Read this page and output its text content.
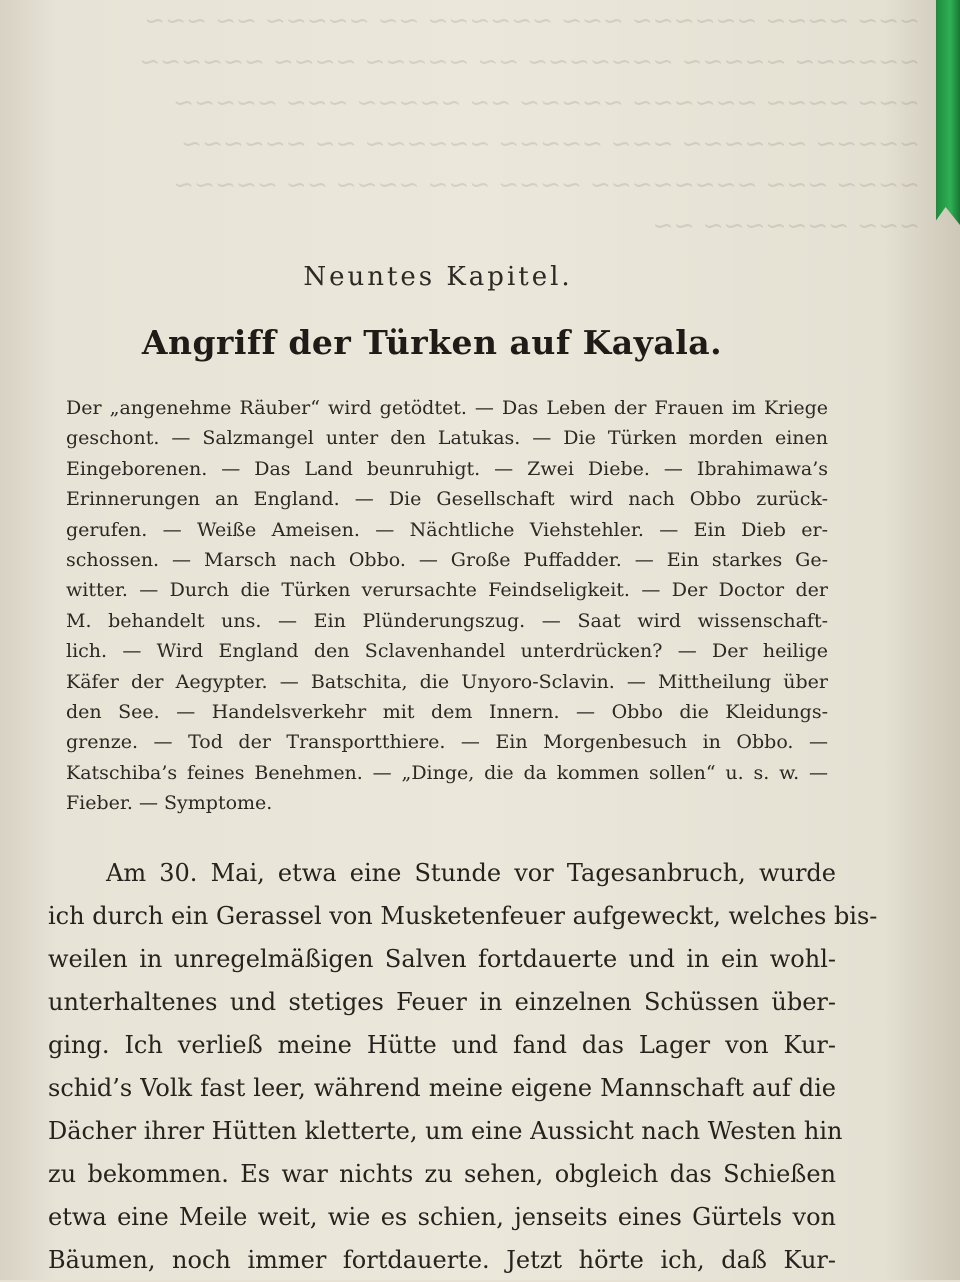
~~~ ~~~~ ~~~~~~ ~~~ ~~~~~~ ~~ ~~~~~ ~~ ~~~
~~~~~~ ~~~~~ ~~~~~~~ ~~ ~~~~~ ~~~~ ~~~~~~
~~~ ~~~~ ~~~~~~ ~~~~~ ~~ ~~~~~ ~~~ ~~~~~
~~~~~ ~~~~~~ ~~~ ~~~~~ ~~~~~~ ~~ ~~~~~~
~~~~ ~~~ ~~~~~~~~ ~~~~ ~~~ ~~~~ ~~ ~~~~~
~~~ ~~~~~~~ ~~
Neuntes Kapitel.
Angriff der Türken auf Kayala.
Der „angenehme Räuber“ wird getödtet. — Das Leben der Frauen im Kriege
geschont. — Salzmangel unter den Latukas. — Die Türken morden einen
Eingeborenen. — Das Land beunruhigt. — Zwei Diebe. — Ibrahimawa’s
Erinnerungen an England. — Die Gesellschaft wird nach Obbo zurück-
gerufen. — Weiße Ameisen. — Nächtliche Viehstehler. — Ein Dieb er-
schossen. — Marsch nach Obbo. — Große Puffadder. — Ein starkes Ge-
witter. — Durch die Türken verursachte Feindseligkeit. — Der Doctor der
M. behandelt uns. — Ein Plünderungszug. — Saat wird wissenschaft-
lich. — Wird England den Sclavenhandel unterdrücken? — Der heilige
Käfer der Aegypter. — Batschita, die Unyoro-Sclavin. — Mittheilung über
den See. — Handelsverkehr mit dem Innern. — Obbo die Kleidungs-
grenze. — Tod der Transportthiere. — Ein Morgenbesuch in Obbo. —
Katschiba’s feines Benehmen. — „Dinge, die da kommen sollen“ u. s. w. —
Fieber. — Symptome.
Am 30. Mai, etwa eine Stunde vor Tagesanbruch, wurde
ich durch ein Gerassel von Musketenfeuer aufgeweckt, welches bis-
weilen in unregelmäßigen Salven fortdauerte und in ein wohl-
unterhaltenes und stetiges Feuer in einzelnen Schüssen über-
ging. Ich verließ meine Hütte und fand das Lager von Kur-
schid’s Volk fast leer, während meine eigene Mannschaft auf die
Dächer ihrer Hütten kletterte, um eine Aussicht nach Westen hin
zu bekommen. Es war nichts zu sehen, obgleich das Schießen
etwa eine Meile weit, wie es schien, jenseits eines Gürtels von
Bäumen, noch immer fortdauerte. Jetzt hörte ich, daß Kur-
